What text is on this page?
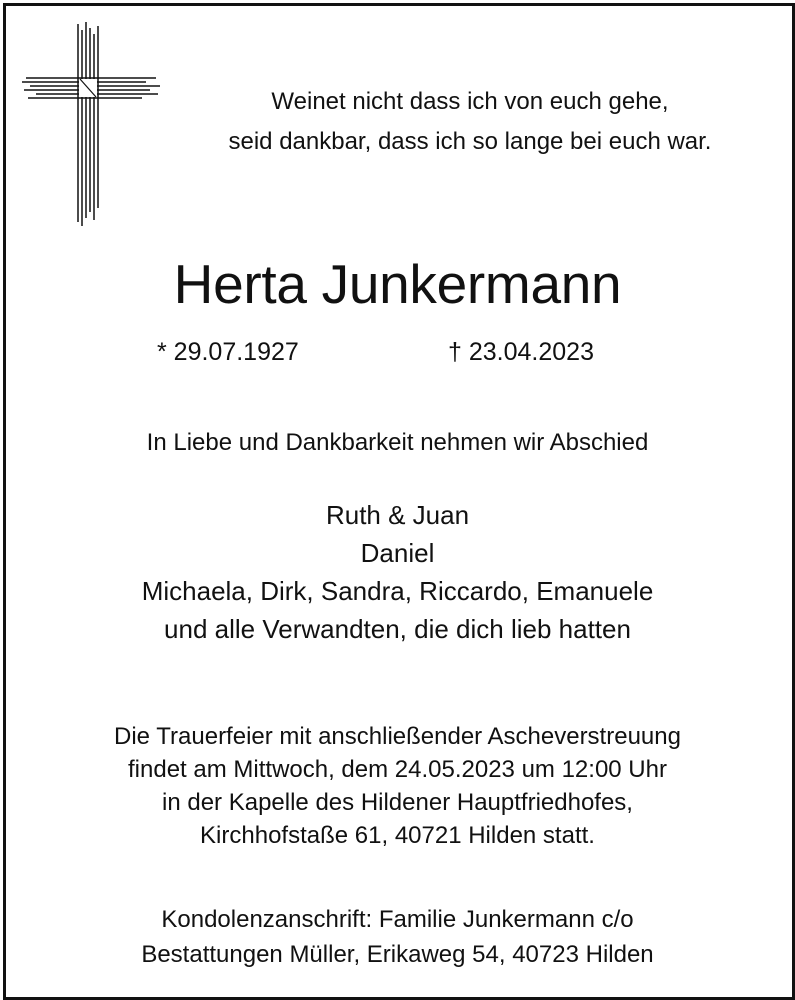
Weinet nicht dass ich von euch gehe,

seid dankbar, dass ich so lange bei euch war.

Herta Junkermann
* 29.07.1927	† 23.04.2023

In Liebe und Dankbarkeit nehmen wir Abschied

Ruth & Juan

Daniel

Michaela, Dirk, Sandra, Riccardo, Emanuele

und alle Verwandten, die dich lieb hatten

Die Trauerfeier mit anschließender Ascheverstreuung

findet am Mittwoch, dem 24.05.2023 um 12:00 Uhr

in der Kapelle des Hildener Hauptfriedhofes,

Kirchhofstaße 61, 40721 Hilden statt.

Kondolenzanschrift: Familie Junkermann c/o

Bestattungen Müller, Erikaweg 54, 40723 Hilden
